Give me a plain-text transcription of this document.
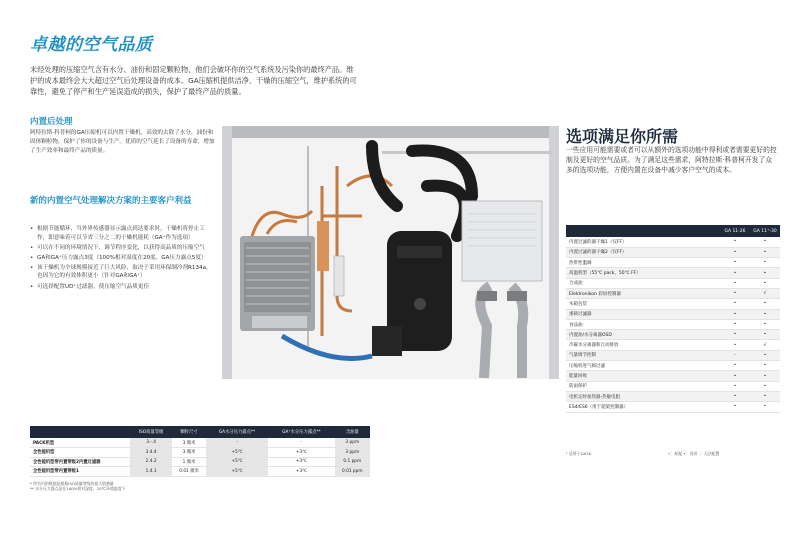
卓越的空气品质
未经处理的压缩空气含有水分、油份和固定颗粒物，他们会破坏你的空气系统及污染你的最终产品。维护的成本最终会大大超过空气后处理设备的成本。GA压缩机提供洁净、干燥的压缩空气，维护系统的可靠性，避免了停产和生产延误造成的损失，保护了最终产品的质量。
内置后处理
阿特拉斯·科普柯的GA压缩机可以内置干燥机，高效的去除了水分，油份和固体颗粒物，保护了你的设备与生产。优质的空气延长了设备的寿命，增加了生产效率和最终产品的质量。
新的内置空气处理解决方案的主要客户利益
• 根据节能循环，当外界传感器显示露点到达要求时，干燥机将停止工作，即意味着可以节省三分之二的干燥机能耗（GA⁺作为选项）
• 可以在不同的环境情况下，调节程序变化，以获得高品质的压缩空气
• GA和GA⁺压力露点3度（100%相对湿度在20度、GA压力露点5度）
• 该干燥机为全球规模接近了巨大风险，取决于采用环保制冷剂R134a，也因为它的有效体积更小（针对GA和GA⁺）
• 可选择配置UD⁺过滤器，使压缩空气品质更佳
选项满足你所需
一些应用可能需要或者可以从额外的选项功能中得利或者需要更好的控制及更好的空气品质。为了满足这些需求，阿特拉斯·科普柯开发了众多的选项功能，方便内置在设备中减少客户空气的成本。
	GA 11-26	GA 11⁺-30
内置过滤的器干燥1（仅FF）	•	•
内置过滤的器干燥2（仅FF）	•	•
热带性滥阔	•	•
高温机型（55℃ pack、50℃ FF）	•	•
合成油	•	•
Elektronikon 彩屏控制器	•	√
木箱包装	•	•
重载过滤器	•	•
食品油	•	•
内置油/水分离器OSD	•	•
冷凝水分离器和自动排放	•	√
气量调节控制	-	•
压缩机进气阀过滤	•	•
能量回收	•	•
防雨保护	•	•
电机定时加热器-热敏电阻	•	•
ES4/ES6（用于超架控制器）	•	•
¹ 适用于GA30	√：标配 •：选项 -：无法配置
	ISO质量等级	颗粒尺寸	GA水分压力露点**	GA⁺水分压力露点**	含油量
PACK机型	3.-.4	3 微米	-	-	3 ppm
全性能机型	3.4.4	3 微米	+5℃	+3℃	3 ppm
全性能机型带内置带级2内置过滤器	2.4.2	1 微米	+5℃	+3℃	0.1 ppm
全性能机型带内置带级1	1.4.1	0.01 微米	+5℃	+3℃	0.01 ppm
* 所有内的数据是根据ISO质量等级的最大值测量
** 水分压力露点是在100%相对湿度、20℃环境温度下
